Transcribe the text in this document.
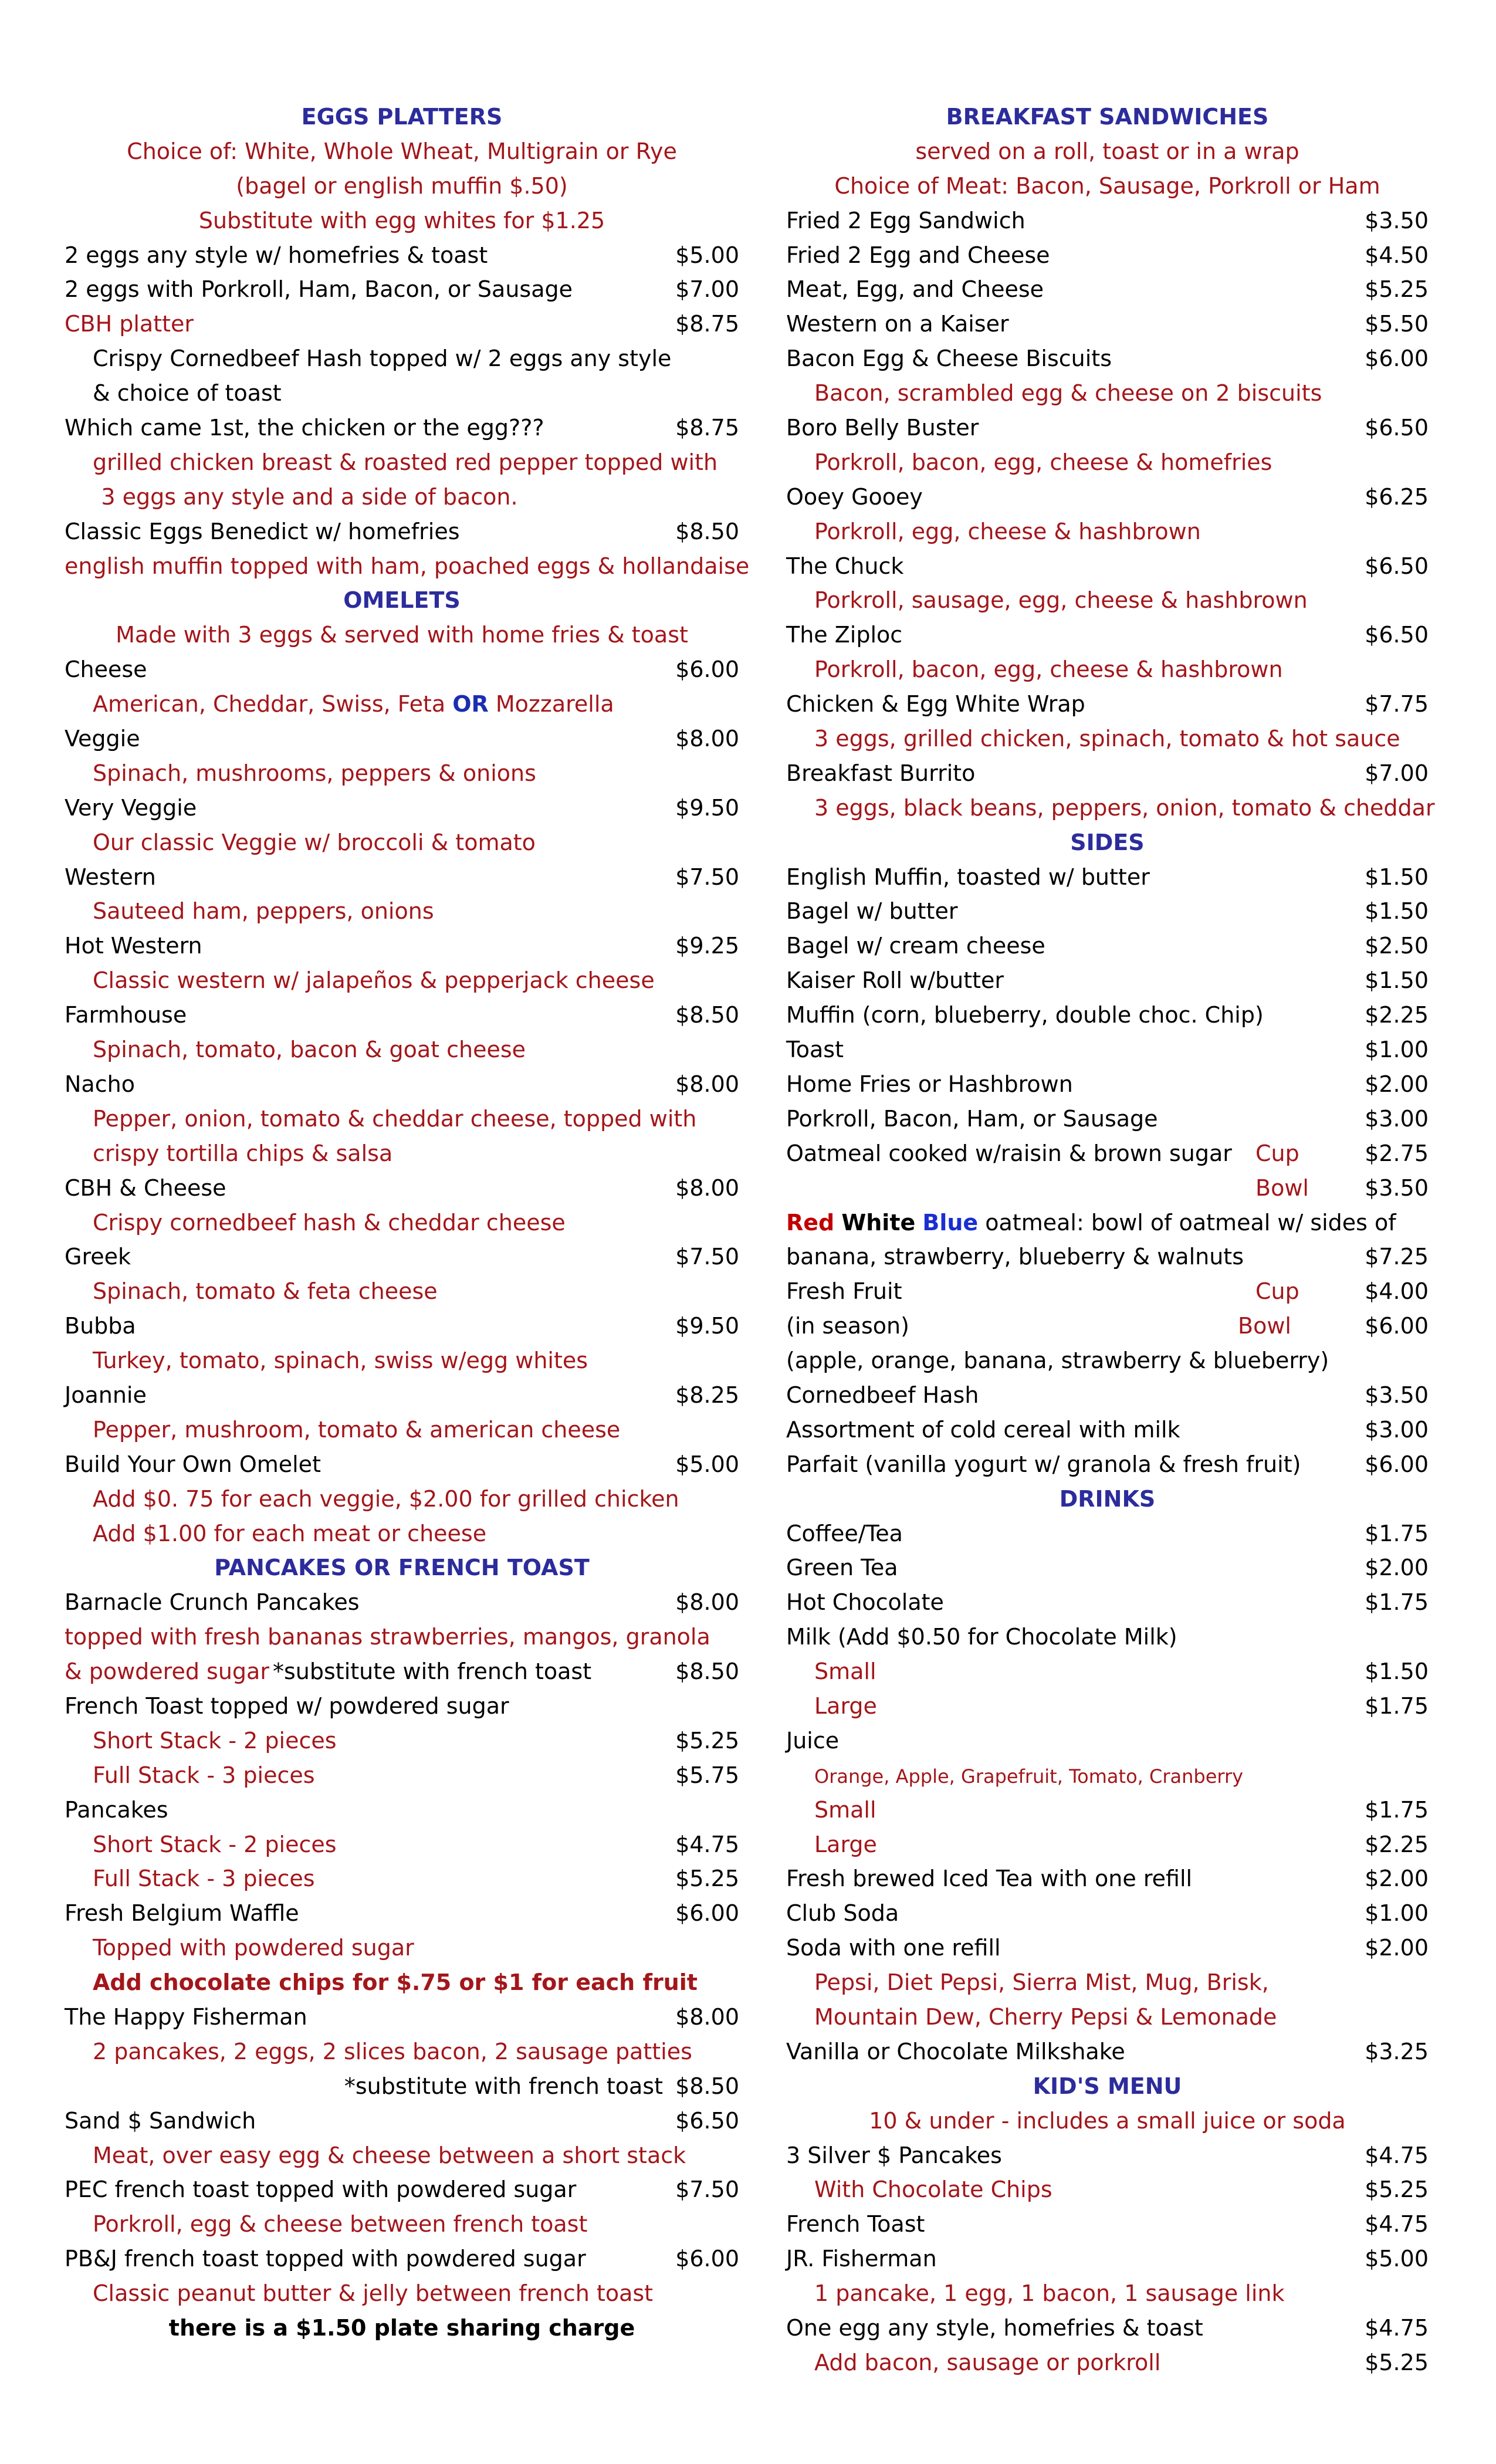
EGGS PLATTERS
Choice of: White, Whole Wheat, Multigrain or Rye
(bagel or english muffin $.50)
Substitute with egg whites for $1.25
2 eggs any style w/ homefries & toast	$5.00
2 eggs with Porkroll, Ham, Bacon, or Sausage	$7.00
CBH platter	$8.75
Crispy Cornedbeef Hash topped w/ 2 eggs any style
& choice of toast
Which came 1st, the chicken or the egg???	$8.75
grilled chicken breast & roasted red pepper topped with
3 eggs any style and a side of bacon.
Classic Eggs Benedict w/ homefries	$8.50
english muffin topped with ham, poached eggs & hollandaise
OMELETS
Made with 3 eggs & served with home fries & toast
Cheese	$6.00
American, Cheddar, Swiss, Feta OR Mozzarella
Veggie	$8.00
Spinach, mushrooms, peppers & onions
Very Veggie	$9.50
Our classic Veggie w/ broccoli & tomato
Western	$7.50
Sauteed ham, peppers, onions
Hot Western	$9.25
Classic western w/ jalapeños & pepperjack cheese
Farmhouse	$8.50
Spinach, tomato, bacon & goat cheese
Nacho	$8.00
Pepper, onion, tomato & cheddar cheese, topped with
crispy tortilla chips & salsa
CBH & Cheese	$8.00
Crispy cornedbeef hash & cheddar cheese
Greek	$7.50
Spinach, tomato & feta cheese
Bubba	$9.50
Turkey, tomato, spinach, swiss w/egg whites
Joannie	$8.25
Pepper, mushroom, tomato & american cheese
Build Your Own Omelet	$5.00
Add $0. 75 for each veggie, $2.00 for grilled chicken
Add $1.00 for each meat or cheese
PANCAKES OR FRENCH TOAST
Barnacle Crunch Pancakes	$8.00
topped with fresh bananas strawberries, mangos, granola
& powdered sugar *substitute with french toast	$8.50
French Toast topped w/ powdered sugar
Short Stack - 2 pieces	$5.25
Full Stack - 3 pieces	$5.75
Pancakes
Short Stack - 2 pieces	$4.75
Full Stack - 3 pieces	$5.25
Fresh Belgium Waffle	$6.00
Topped with powdered sugar
Add chocolate chips for $.75 or $1 for each fruit
The Happy Fisherman	$8.00
2 pancakes, 2 eggs, 2 slices bacon, 2 sausage patties
*substitute with french toast $8.50
Sand $ Sandwich	$6.50
Meat, over easy egg & cheese between a short stack
PEC french toast topped with powdered sugar	$7.50
Porkroll, egg & cheese between french toast
PB&J french toast topped with powdered sugar	$6.00
Classic peanut butter & jelly between french toast
there is a $1.50 plate sharing charge
BREAKFAST SANDWICHES
served on a roll, toast or in a wrap
Choice of Meat: Bacon, Sausage, Porkroll or Ham
Fried 2 Egg Sandwich	$3.50
Fried 2 Egg and Cheese	$4.50
Meat, Egg, and Cheese	$5.25
Western on a Kaiser	$5.50
Bacon Egg & Cheese Biscuits	$6.00
Bacon, scrambled egg & cheese on 2 biscuits
Boro Belly Buster	$6.50
Porkroll, bacon, egg, cheese & homefries
Ooey Gooey	$6.25
Porkroll, egg, cheese & hashbrown
The Chuck	$6.50
Porkroll, sausage, egg, cheese & hashbrown
The Ziploc	$6.50
Porkroll, bacon, egg, cheese & hashbrown
Chicken & Egg White Wrap	$7.75
3 eggs, grilled chicken, spinach, tomato & hot sauce
Breakfast Burrito	$7.00
3 eggs, black beans, peppers, onion, tomato & cheddar
SIDES
English Muffin, toasted w/ butter	$1.50
Bagel w/ butter	$1.50
Bagel w/ cream cheese	$2.50
Kaiser Roll w/butter	$1.50
Muffin (corn, blueberry, double choc. Chip)	$2.25
Toast	$1.00
Home Fries or Hashbrown	$2.00
Porkroll, Bacon, Ham, or Sausage	$3.00
Oatmeal cooked w/raisin & brown sugar Cup	$2.75
Bowl	$3.50
Red White Blue oatmeal: bowl of oatmeal w/ sides of
banana, strawberry, blueberry & walnuts	$7.25
Fresh Fruit	Cup	$4.00
(in season)	Bowl	$6.00
(apple, orange, banana, strawberry & blueberry)
Cornedbeef Hash	$3.50
Assortment of cold cereal with milk	$3.00
Parfait (vanilla yogurt w/ granola & fresh fruit)	$6.00
DRINKS
Coffee/Tea	$1.75
Green Tea	$2.00
Hot Chocolate	$1.75
Milk (Add $0.50 for Chocolate Milk)
Small	$1.50
Large	$1.75
Juice
Orange, Apple, Grapefruit, Tomato, Cranberry
Small	$1.75
Large	$2.25
Fresh brewed Iced Tea with one refill	$2.00
Club Soda	$1.00
Soda with one refill	$2.00
Pepsi, Diet Pepsi, Sierra Mist, Mug, Brisk,
Mountain Dew, Cherry Pepsi & Lemonade
Vanilla or Chocolate Milkshake	$3.25
KID'S MENU
10 & under - includes a small juice or soda
3 Silver $ Pancakes	$4.75
With Chocolate Chips	$5.25
French Toast	$4.75
JR. Fisherman	$5.00
1 pancake, 1 egg, 1 bacon, 1 sausage link
One egg any style, homefries & toast	$4.75
Add bacon, sausage or porkroll	$5.25
